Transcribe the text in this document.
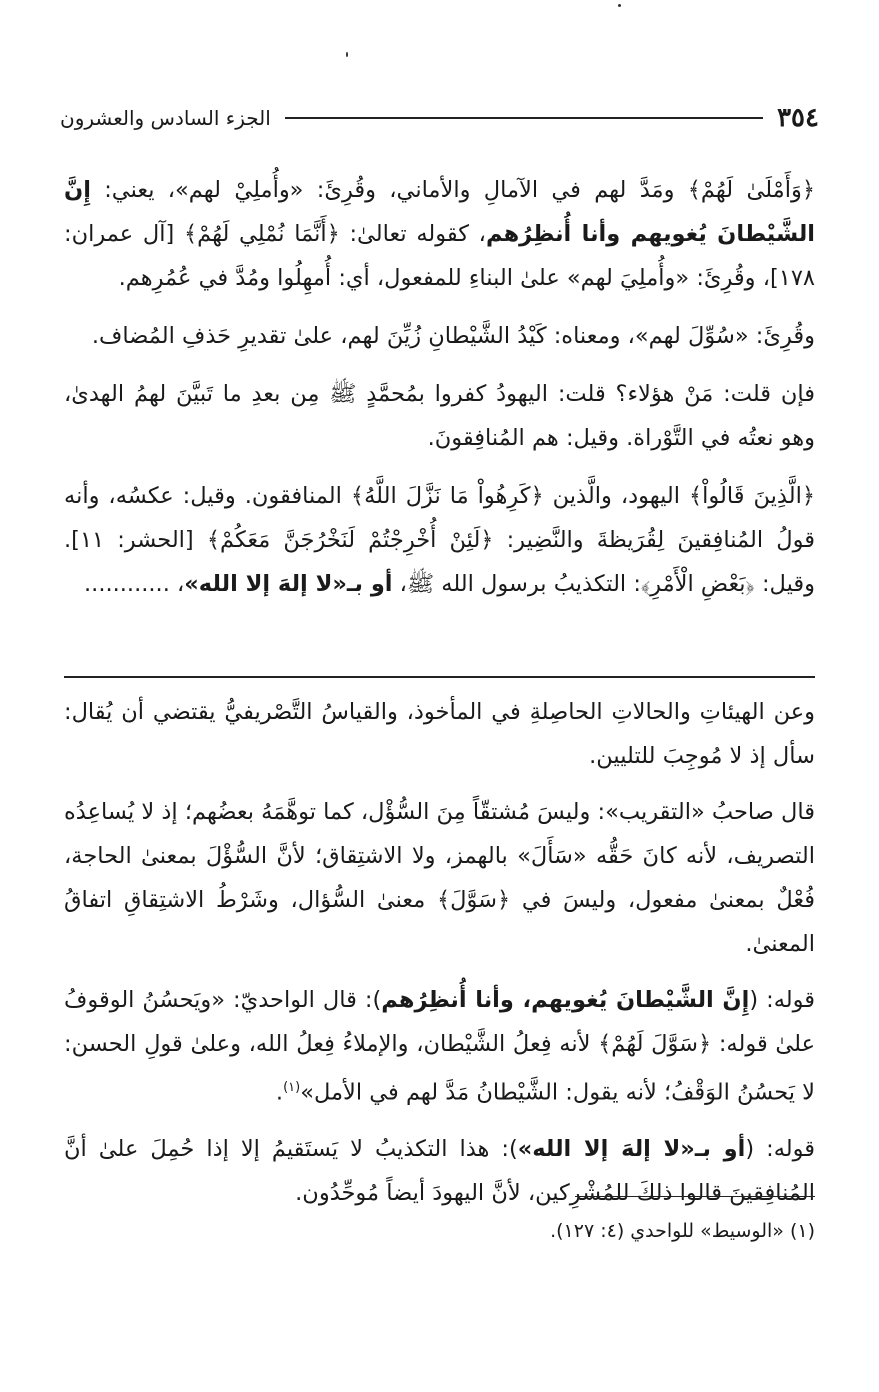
٣٥٤
الجزء السادس والعشرون

﴿وَأَمْلَىٰ لَهُمْ﴾ ومَدَّ لهم في الآمالِ والأماني، وقُرِئَ: «وأُملِيْ لهم»، يعني: إِنَّ الشَّيْطانَ يُغويهم وأنا أُنظِرُهم، كقوله تعالىٰ: ﴿أَنَّمَا نُمْلِي لَهُمْ﴾ [آل عمران: ١٧٨]، وقُرِئَ: «وأُملِيَ لهم» علىٰ البناءِ للمفعول، أي: أُمهِلُوا ومُدَّ في عُمُرِهم.

وقُرِئَ: «سُوِّلَ لهم»، ومعناه: كَيْدُ الشَّيْطانِ زُيِّنَ لهم، علىٰ تقديرِ حَذفِ المُضاف.

فإن قلت: مَنْ هؤلاء؟ قلت: اليهودُ كفروا بمُحمَّدٍ ﷺ مِن بعدِ ما تَبيَّنَ لهمُ الهدىٰ، وهو نعتُه في التَّوْراة. وقيل: هم المُنافِقونَ.

﴿الَّذِينَ قَالُواْ﴾ اليهود، والَّذين ﴿كَرِهُواْ مَا نَزَّلَ اللَّهُ﴾ المنافقون. وقيل: عكسُه، وأنه قولُ المُنافِقينَ لِقُرَيظةَ والنَّضِير: ﴿لَئِنْ أُخْرِجْتُمْ لَنَخْرُجَنَّ مَعَكُمْ﴾ [الحشر: ١١]. وقيل: ﴿بَعْضِ الْأَمْرِ﴾: التكذيبُ برسول الله ﷺ، أو بـ«لا إلهَ إلا الله»، ............

وعن الهيئاتِ والحالاتِ الحاصِلةِ في المأخوذ، والقياسُ التَّصْريفيُّ يقتضي أن يُقال: سأل إذ لا مُوجِبَ للتليين.

قال صاحبُ «التقريب»: وليسَ مُشتقّاً مِنَ السُّؤْل، كما توهَّمَهُ بعضُهم؛ إذ لا يُساعِدُه التصريف، لأنه كانَ حَقُّه «سَأَلَ» بالهمز، ولا الاشتِقاق؛ لأنَّ السُّؤْلَ بمعنىٰ الحاجة، فُعْلٌ بمعنىٰ مفعول، وليسَ في ﴿سَوَّلَ﴾ معنىٰ السُّؤال، وشَرْطُ الاشتِقاقِ اتفاقُ المعنىٰ.

قوله: (إِنَّ الشَّيْطانَ يُغويهم، وأنا أُنظِرُهم): قال الواحديّ: «ويَحسُنُ الوقوفُ علىٰ قوله: ﴿سَوَّلَ لَهُمْ﴾ لأنه فِعلُ الشَّيْطان، والإملاءُ فِعلُ الله، وعلىٰ قولِ الحسن: لا يَحسُنُ الوَقْفُ؛ لأنه يقول: الشَّيْطانُ مَدَّ لهم في الأمل»$^{(١)}$.

قوله: (أو بـ«لا إلهَ إلا الله»): هذا التكذيبُ لا يَستَقيمُ إلا إذا حُمِلَ علىٰ أنَّ المُنافِقينَ قالوا ذلكَ للمُشْرِكين، لأنَّ اليهودَ أيضاً مُوحِّدُون.

(١) «الوسيط» للواحدي (٤: ١٢٧).
